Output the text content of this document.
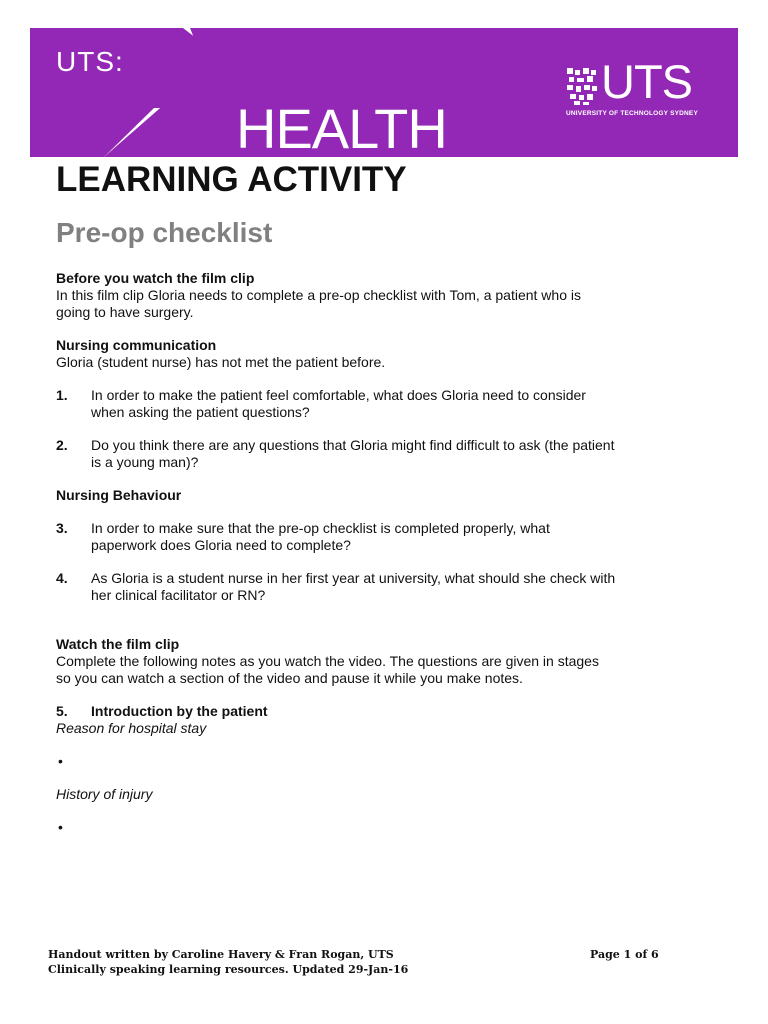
UTS:
HEALTH
UTS
UNIVERSITY OF TECHNOLOGY SYDNEY
LEARNING ACTIVITY
Pre-op checklist

Before you watch the film clip

In this film clip Gloria needs to complete a pre-op checklist with Tom, a patient who is

going to have surgery.

Nursing communication

Gloria (student nurse) has not met the patient before.

1.	In order to make the patient feel comfortable, what does Gloria need to consider
when asking the patient questions?
2.	Do you think there are any questions that Gloria might find difficult to ask (the patient
is a young man)?

Nursing Behaviour

3.	In order to make sure that the pre-op checklist is completed properly, what
paperwork does Gloria need to complete?
4.	As Gloria is a student nurse in her first year at university, what should she check with
her clinical facilitator or RN?

Watch the film clip

Complete the following notes as you watch the video. The questions are given in stages

so you can watch a section of the video and pause it while you make notes.

5.	Introduction by the patient

Reason for hospital stay

•

History of injury

•

Handout written by Caroline Havery & Fran Rogan, UTS
Clinically speaking learning resources. Updated 29-Jan-16
Page 1 of 6
